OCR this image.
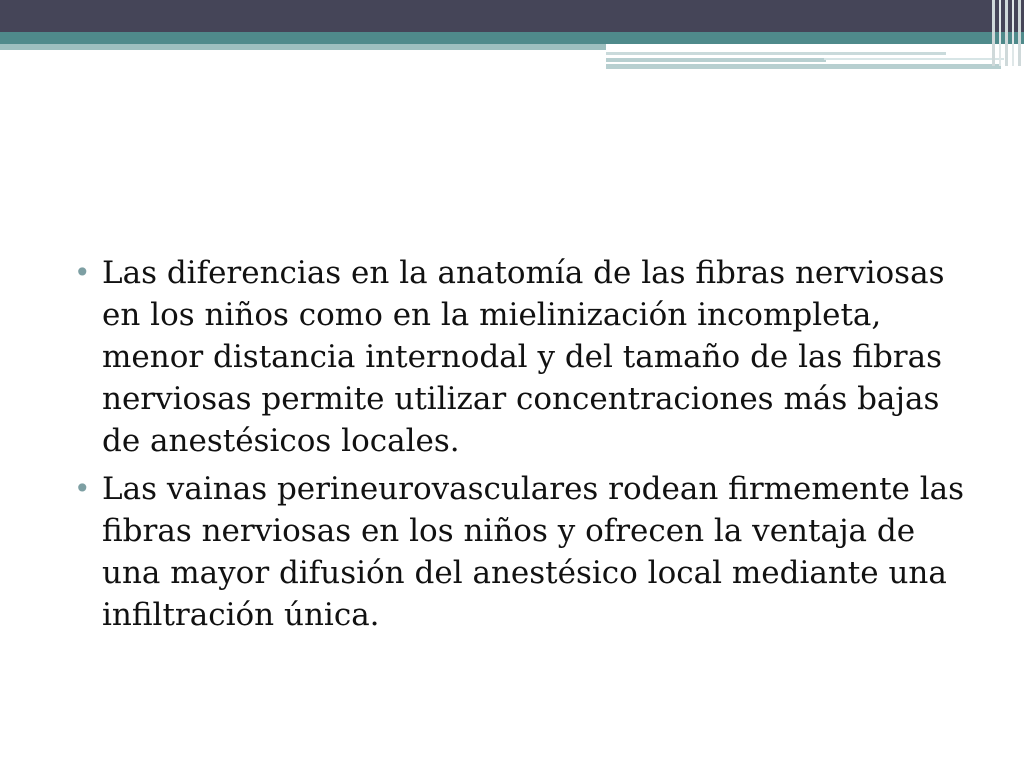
• Las diferencias en la anatomía de las fibras nerviosas en los niños como en la mielinización incompleta, menor distancia internodal y del tamaño de las fibras nerviosas permite utilizar concentraciones más bajas de anestésicos locales.
• Las vainas perineurovasculares rodean firmemente las fibras nerviosas en los niños y ofrecen la ventaja de una mayor difusión del anestésico local mediante una infiltración única.
